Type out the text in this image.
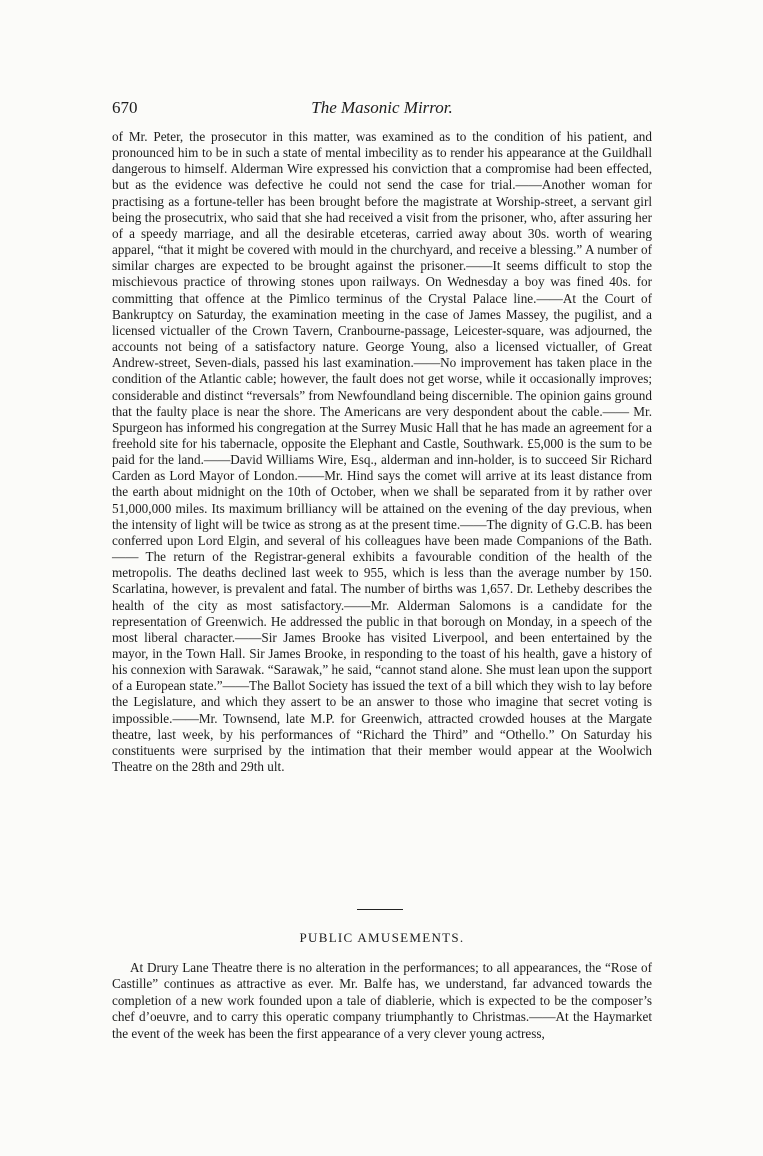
670	The Masonic Mirror.

of Mr. Peter, the prosecutor in this matter, was examined as to the condition of his patient, and pronounced him to be in such a state of mental imbecility as to render his appearance at the Guildhall dangerous to himself. Alderman Wire expressed his conviction that a compromise had been effected, but as the evidence was defective he could not send the case for trial.——Another woman for practising as a fortune-teller has been brought before the magistrate at Worship-street, a servant girl being the prosecutrix, who said that she had received a visit from the prisoner, who, after assuring her of a speedy marriage, and all the desirable etceteras, carried away about 30s. worth of wearing apparel, “that it might be covered with mould in the churchyard, and receive a blessing.” A number of similar charges are expected to be brought against the prisoner.——It seems difficult to stop the mischievous practice of throwing stones upon railways. On Wednesday a boy was fined 40s. for committing that offence at the Pimlico terminus of the Crystal Palace line.——At the Court of Bankruptcy on Saturday, the examination meeting in the case of James Massey, the pugilist, and a licensed victualler of the Crown Tavern, Cranbourne-passage, Leicester-square, was adjourned, the accounts not being of a satisfactory nature. George Young, also a licensed victualler, of Great Andrew-street, Seven-dials, passed his last examination.——No improvement has taken place in the condition of the Atlantic cable; however, the fault does not get worse, while it occasionally improves; considerable and distinct “reversals” from Newfoundland being discernible. The opinion gains ground that the faulty place is near the shore. The Americans are very despondent about the cable.—— Mr. Spurgeon has informed his congregation at the Surrey Music Hall that he has made an agreement for a freehold site for his tabernacle, opposite the Elephant and Castle, Southwark. £5,000 is the sum to be paid for the land.——David Williams Wire, Esq., alderman and inn-holder, is to succeed Sir Richard Carden as Lord Mayor of London.——Mr. Hind says the comet will arrive at its least distance from the earth about midnight on the 10th of October, when we shall be separated from it by rather over 51,000,000 miles. Its maximum brilliancy will be attained on the evening of the day previous, when the intensity of light will be twice as strong as at the present time.——The dignity of G.C.B. has been conferred upon Lord Elgin, and several of his colleagues have been made Companions of the Bath.—— The return of the Registrar-general exhibits a favourable condition of the health of the metropolis. The deaths declined last week to 955, which is less than the average number by 150. Scarlatina, however, is prevalent and fatal. The number of births was 1,657. Dr. Letheby describes the health of the city as most satisfactory.——Mr. Alderman Salomons is a candidate for the representation of Greenwich. He addressed the public in that borough on Monday, in a speech of the most liberal character.——Sir James Brooke has visited Liverpool, and been entertained by the mayor, in the Town Hall. Sir James Brooke, in responding to the toast of his health, gave a history of his connexion with Sarawak. “Sarawak,” he said, “cannot stand alone. She must lean upon the support of a European state.”——The Ballot Society has issued the text of a bill which they wish to lay before the Legislature, and which they assert to be an answer to those who imagine that secret voting is impossible.——Mr. Townsend, late M.P. for Greenwich, attracted crowded houses at the Margate theatre, last week, by his performances of “Richard the Third” and “Othello.” On Saturday his constituents were surprised by the intimation that their member would appear at the Woolwich Theatre on the 28th and 29th ult.

PUBLIC AMUSEMENTS.

At Drury Lane Theatre there is no alteration in the performances; to all appearances, the “Rose of Castille” continues as attractive as ever. Mr. Balfe has, we understand, far advanced towards the completion of a new work founded upon a tale of diablerie, which is expected to be the composer’s chef d’oeuvre, and to carry this operatic company triumphantly to Christmas.——At the Haymarket the event of the week has been the first appearance of a very clever young actress,
